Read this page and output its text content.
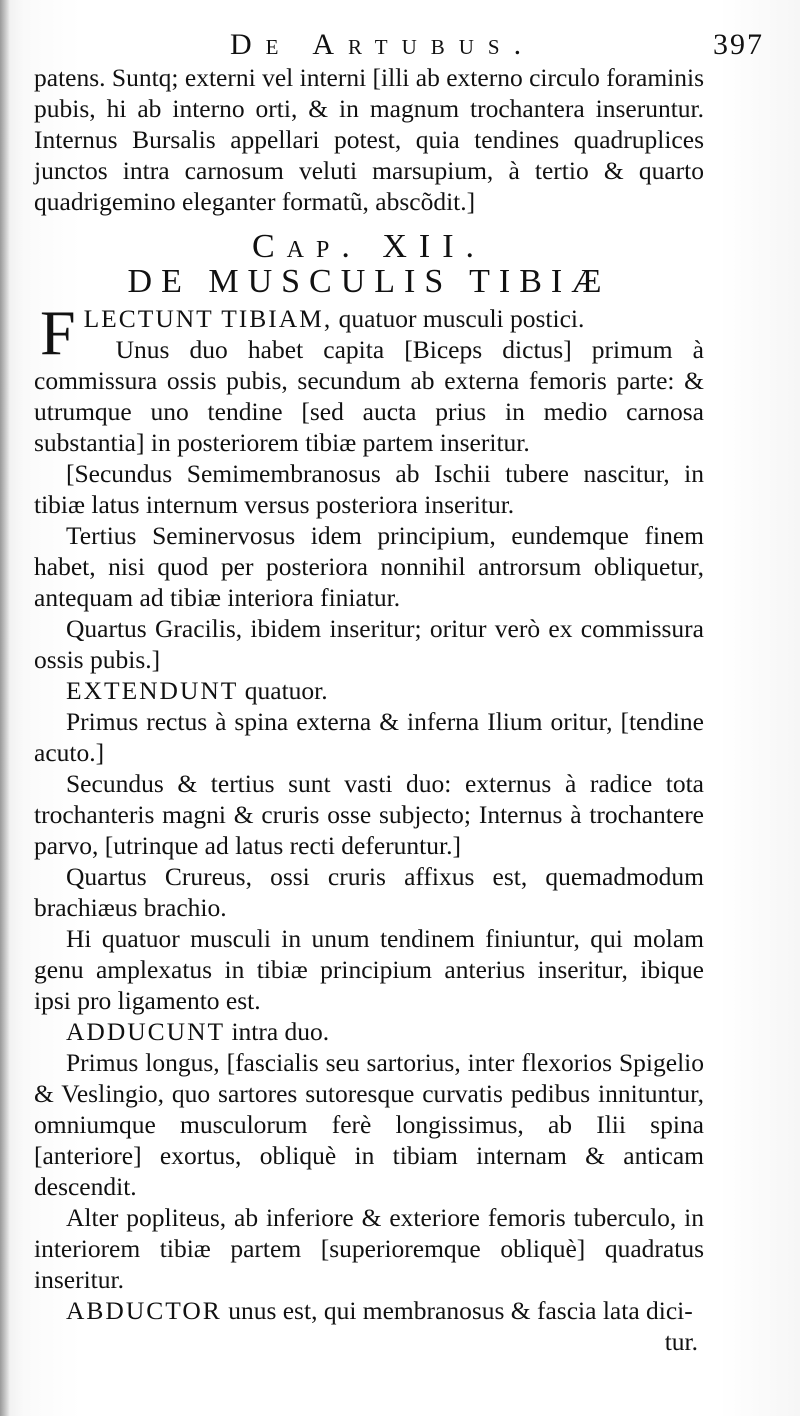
De Artubus.	397

patens. Suntq; externi vel interni [illi ab externo circulo foraminis pubis, hi ab interno orti, & in magnum trochantera inseruntur. Internus Bursalis appellari potest, quia tendines quadruplices junctos intra carnosum veluti marsupium, à tertio & quarto quadrigemino eleganter formatũ, abscõdit.]

Cap. XII.
DE MUSCULIS TIBIÆ

FLECTUNT TIBIAM, quatuor musculi postici.

Unus duo habet capita [Biceps dictus] primum à commissura ossis pubis, secundum ab externa femoris parte: & utrumque uno tendine [sed aucta prius in medio carnosa substantia] in posteriorem tibiæ partem inseritur.

[Secundus Semimembranosus ab Ischii tubere nascitur, in tibiæ latus internum versus posteriora inseritur.

Tertius Seminervosus idem principium, eundemque finem habet, nisi quod per posteriora nonnihil antrorsum obliquetur, antequam ad tibiæ interiora finiatur.

Quartus Gracilis, ibidem inseritur; oritur verò ex commissura ossis pubis.]

EXTENDUNT quatuor.

Primus rectus à spina externa & inferna Ilium oritur, [tendine acuto.]

Secundus & tertius sunt vasti duo: externus à radice tota trochanteris magni & cruris osse subjecto; Internus à trochantere parvo, [utrinque ad latus recti deferuntur.]

Quartus Crureus, ossi cruris affixus est, quemadmodum brachiæus brachio.

Hi quatuor musculi in unum tendinem finiuntur, qui molam genu amplexatus in tibiæ principium anterius inseritur, ibique ipsi pro ligamento est.

ADDUCUNT intra duo.

Primus longus, [fascialis seu sartorius, inter flexorios Spigelio & Veslingio, quo sartores sutoresque curvatis pedibus innituntur, omniumque musculorum ferè longissimus, ab Ilii spina [anteriore] exortus, obliquè in tibiam internam & anticam descendit.

Alter popliteus, ab inferiore & exteriore femoris tuberculo, in interiorem tibiæ partem [superioremque obliquè] quadratus inseritur.

ABDUCTOR unus est, qui membranosus & fascia lata dici-

tur.
